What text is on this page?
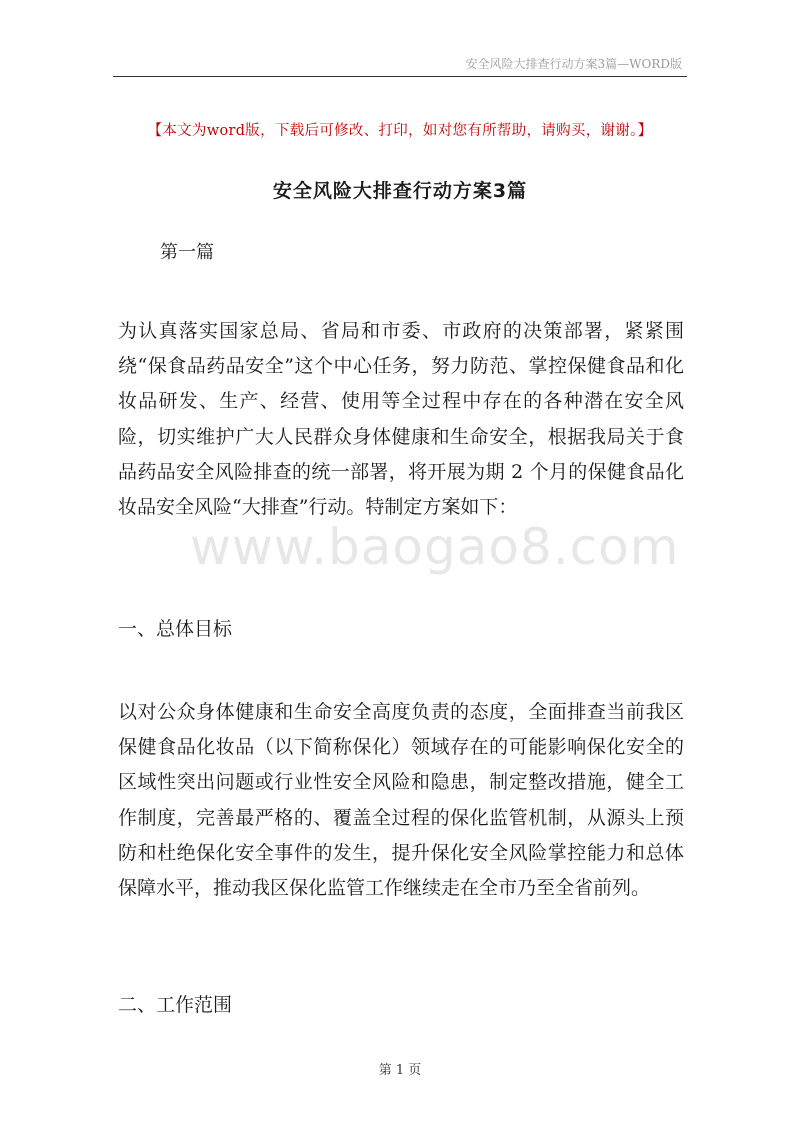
安全风险大排查行动方案3篇—WORD版
【本文为word版，下载后可修改、打印，如对您有所帮助，请购买，谢谢。】
安全风险大排查行动方案3篇
第一篇
为认真落实国家总局、省局和市委、市政府的决策部署，紧紧围绕“保食品药品安全”这个中心任务，努力防范、掌控保健食品和化妆品研发、生产、经营、使用等全过程中存在的各种潜在安全风险，切实维护广大人民群众身体健康和生命安全，根据我局关于食品药品安全风险排查的统一部署，将开展为期 2 个月的保健食品化妆品安全风险“大排查”行动。特制定方案如下：
一、总体目标
以对公众身体健康和生命安全高度负责的态度，全面排查当前我区保健食品化妆品（以下简称保化）领域存在的可能影响保化安全的区域性突出问题或行业性安全风险和隐患，制定整改措施，健全工作制度，完善最严格的、覆盖全过程的保化监管机制，从源头上预防和杜绝保化安全事件的发生，提升保化安全风险掌控能力和总体保障水平，推动我区保化监管工作继续走在全市乃至全省前列。
二、工作范围
www.baogao8.com
第 1 页
